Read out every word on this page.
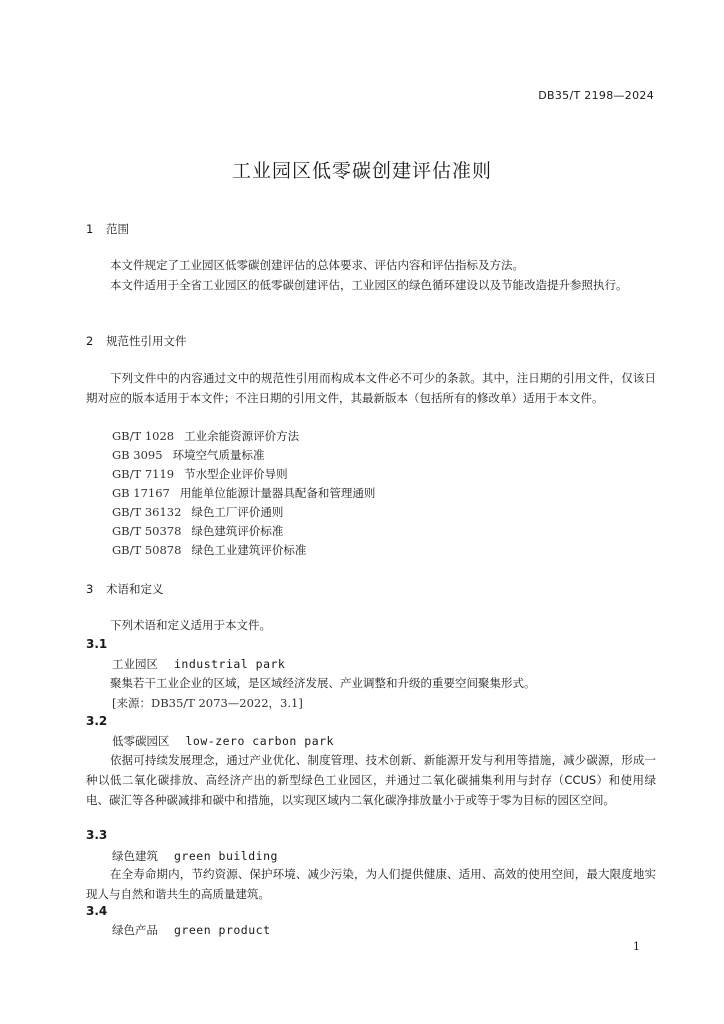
DB35/T 2198—2024
工业园区低零碳创建评估准则
1 范围

本文件规定了工业园区低零碳创建评估的总体要求、评估内容和评估指标及方法。

本文件适用于全省工业园区的低零碳创建评估，工业园区的绿色循环建设以及节能改造提升参照执行。

2 规范性引用文件

下列文件中的内容通过文中的规范性引用而构成本文件必不可少的条款。其中，注日期的引用文件，仅该日期对应的版本适用于本文件；不注日期的引用文件，其最新版本（包括所有的修改单）适用于本文件。

GB/T 1028 工业余能资源评价方法
GB 3095 环境空气质量标准
GB/T 7119 节水型企业评价导则
GB 17167 用能单位能源计量器具配备和管理通则
GB/T 36132 绿色工厂评价通则
GB/T 50378 绿色建筑评价标准
GB/T 50878 绿色工业建筑评价标准
3 术语和定义

下列术语和定义适用于本文件。

3.1
工业园区 industrial park

聚集若干工业企业的区域，是区域经济发展、产业调整和升级的重要空间聚集形式。

[来源：DB35/T 2073—2022，3.1]
3.2
低零碳园区 low-zero carbon park

依据可持续发展理念，通过产业优化、制度管理、技术创新、新能源开发与利用等措施，减少碳源，形成一种以低二氧化碳排放、高经济产出的新型绿色工业园区，并通过二氧化碳捕集利用与封存（CCUS）和使用绿电、碳汇等各种碳减排和碳中和措施，以实现区域内二氧化碳净排放量小于或等于零为目标的园区空间。

3.3
绿色建筑 green building

在全寿命期内，节约资源、保护环境、减少污染，为人们提供健康、适用、高效的使用空间，最大限度地实现人与自然和谐共生的高质量建筑。

3.4
绿色产品 green product
1
